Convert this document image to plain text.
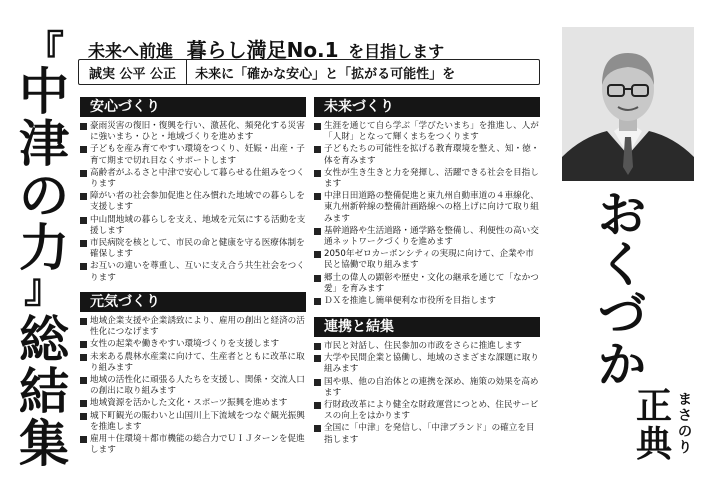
『
中
津
の
力
』
総
結
集
未来へ前進 暮らし満足No.1 を目指します
誠実 公平 公正	未来に「確かな安心」と「拡がる可能性」を
安心づくり
豪雨災害の復旧・復興を行い、激甚化、頻発化する災害に強いまち・ひと・地域づくりを進めます
子どもを産み育てやすい環境をつくり、妊娠・出産・子育て期まで切れ目なくサポートします
高齢者がふるさと中津で安心して暮らせる仕組みをつくります
障がい者の社会参加促進と住み慣れた地域での暮らしを支援します
中山間地域の暮らしを支え、地域を元気にする活動を支援します
市民病院を核として、市民の命と健康を守る医療体制を確保します
お互いの違いを尊重し、互いに支え合う共生社会をつくります
元気づくり
地域企業支援や企業誘致により、雇用の創出と経済の活性化につなげます
女性の起業や働きやすい環境づくりを支援します
未来ある農林水産業に向けて、生産者とともに改革に取り組みます
地域の活性化に頑張る人たちを支援し、関係・交流人口の創出に取り組みます
地域資源を活かした文化・スポーツ振興を進めます
城下町観光の賑わいと山国川上下流域をつなぐ観光振興を推進します
雇用＋住環境＋都市機能の総合力でＵＩＪターンを促進します
未来づくり
生涯を通じて自ら学ぶ「学びたいまち」を推進し、人が「人財」となって輝くまちをつくります
子どもたちの可能性を拡げる教育環境を整え、知・徳・体を育みます
女性が生き生きと力を発揮し、活躍できる社会を目指します
中津日田道路の整備促進と東九州自動車道の４車線化、東九州新幹線の整備計画路線への格上げに向けて取り組みます
基幹道路や生活道路・通学路を整備し、利便性の高い交通ネットワークづくりを進めます
2050年ゼロカーボンシティの実現に向けて、企業や市民と協働で取り組みます
郷土の偉人の顕彰や歴史・文化の継承を通じて「なかつ愛」を育みます
ＤＸを推進し簡単便利な市役所を目指します
連携と結集
市民と対話し、住民参加の市政をさらに推進します
大学や民間企業と協働し、地域のさまざまな課題に取り組みます
国や県、他の自治体との連携を深め、施策の効果を高めます
行財政改革により健全な財政運営につとめ、住民サービスの向上をはかります
全国に「中津」を発信し、「中津ブランド」の確立を目指します
お
く
づ
か
正
典
ま
さ
の
り
